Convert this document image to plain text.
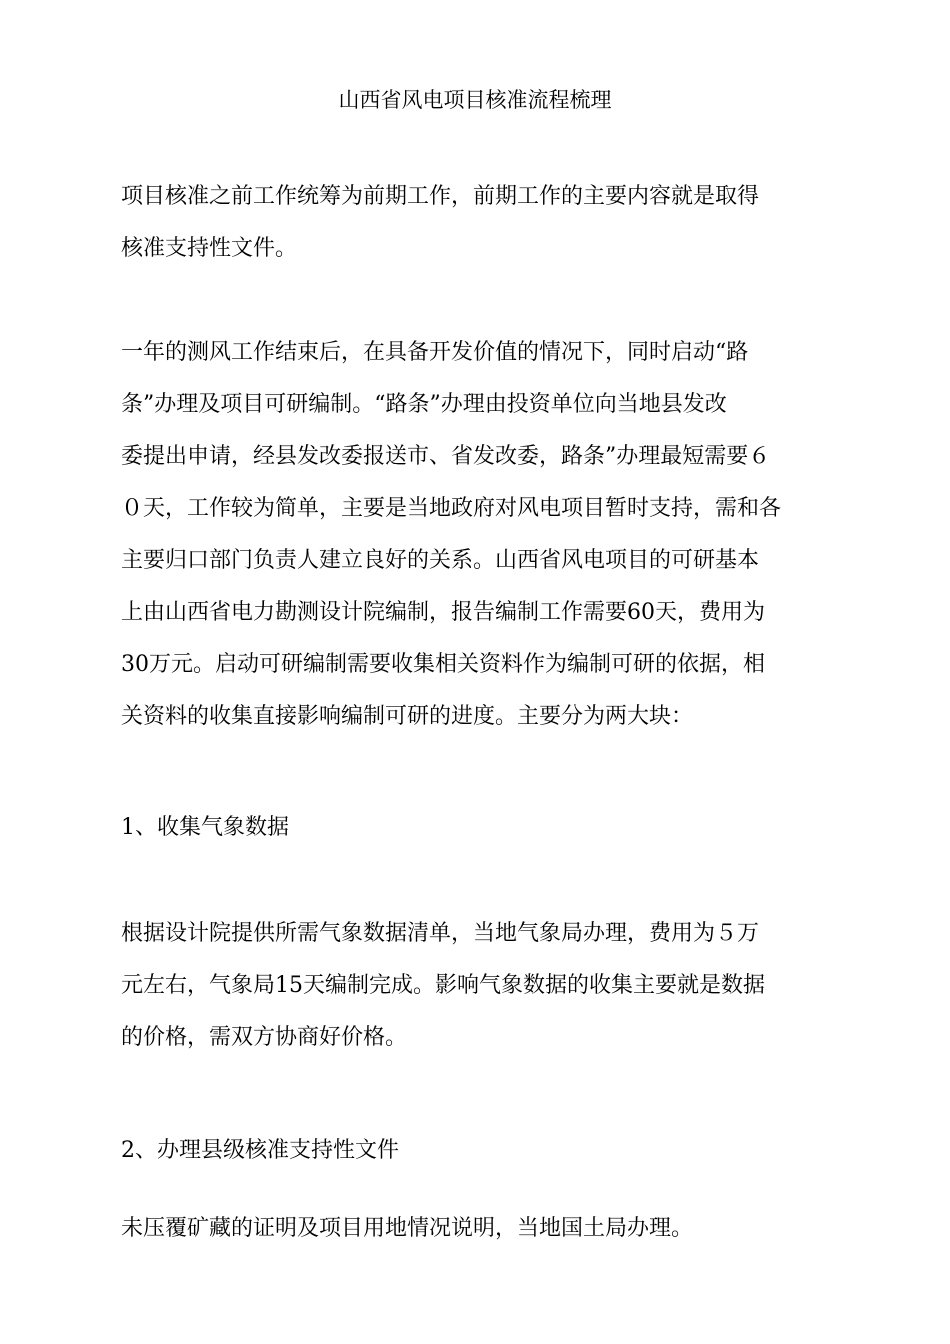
山西省风电项目核准流程梳理
项目核准之前工作统筹为前期工作，前期工作的主要内容就是取得
核准支持性文件。
一年的测风工作结束后，在具备开发价值的情况下，同时启动“路
条”办理及项目可研编制。“路条”办理由投资单位向当地县发改
委提出申请，经县发改委报送市、省发改委，路条”办理最短需要６
０天，工作较为简单，主要是当地政府对风电项目暂时支持，需和各
主要归口部门负责人建立良好的关系。山西省风电项目的可研基本
上由山西省电力勘测设计院编制，报告编制工作需要60天，费用为
30万元。启动可研编制需要收集相关资料作为编制可研的依据，相
关资料的收集直接影响编制可研的进度。主要分为两大块：
1、收集气象数据
根据设计院提供所需气象数据清单，当地气象局办理，费用为５万
元左右，气象局15天编制完成。影响气象数据的收集主要就是数据
的价格，需双方协商好价格。
2、办理县级核准支持性文件
未压覆矿藏的证明及项目用地情况说明，当地国土局办理。
